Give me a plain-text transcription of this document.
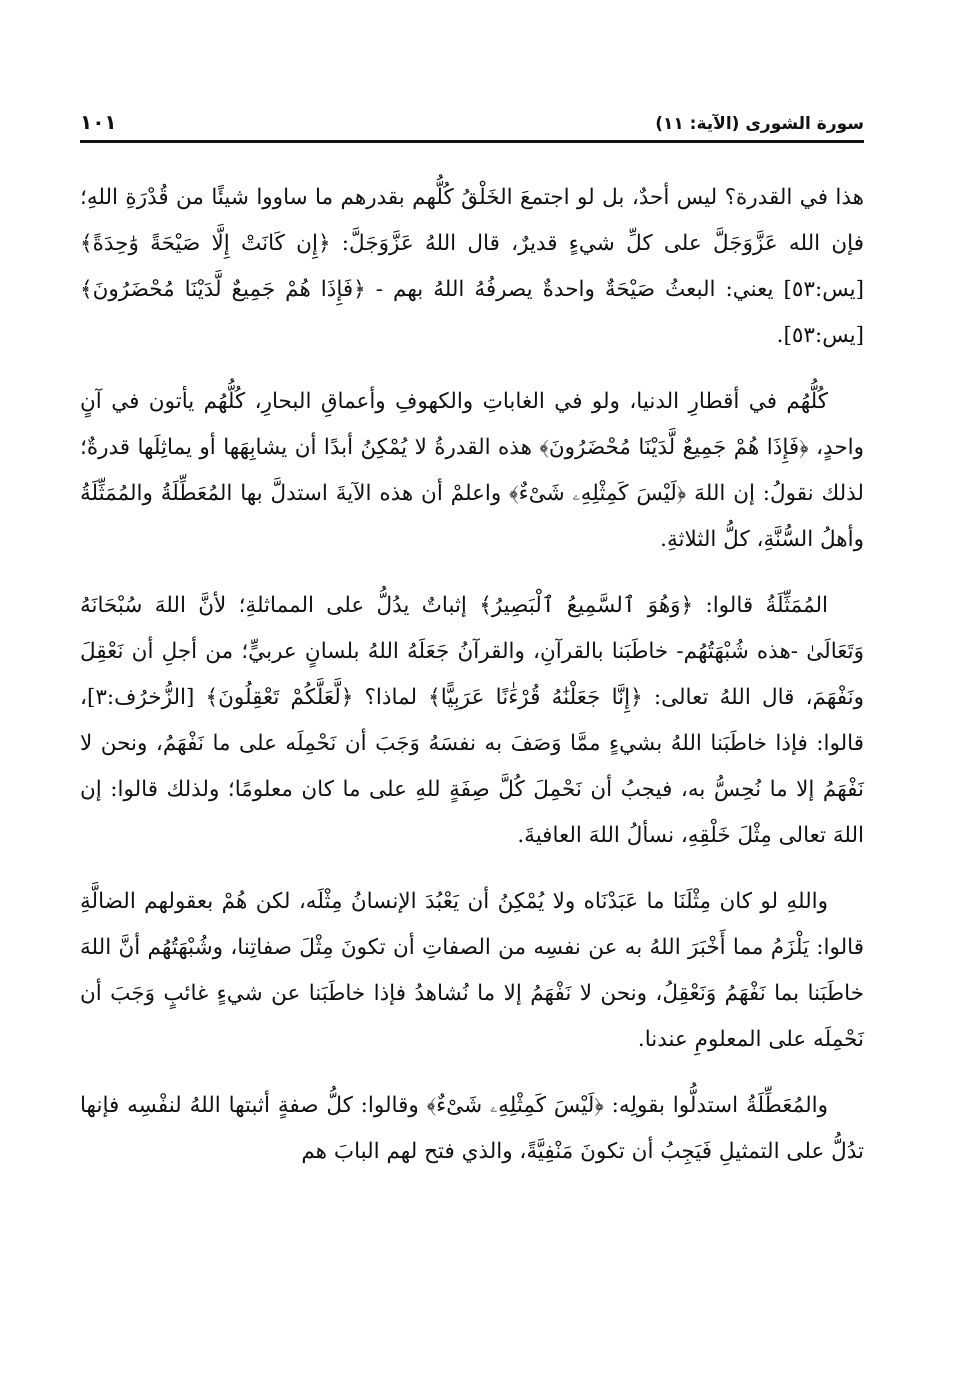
سورة الشورى (الآية: ١١)
١٠١

هذا في القدرة؟ ليس أحدٌ، بل لو اجتمعَ الخَلْقُ كُلُّهم بقدرهم ما ساووا شيئًا من قُدْرَةِ اللهِ؛ فإن الله عَزَّوَجَلَّ على كلِّ شيءٍ قديرٌ، قال اللهُ عَزَّوَجَلَّ: ﴿إِن كَانَتْ إِلَّا صَيْحَةً وَٰحِدَةً﴾ [يس:٥٣] يعني: البعثُ صَيْحَةٌ واحدةٌ يصرفُهُ اللهُ بهم - ﴿فَإِذَا هُمْ جَمِيعٌ لَّدَيْنَا مُحْضَرُونَ﴾ [يس:٥٣].

كُلُّهُم في أقطارِ الدنيا، ولو في الغاباتِ والكهوفِ وأعماقِ البحارِ، كُلُّهُم يأتون في آنٍ واحدٍ، ﴿فَإِذَا هُمْ جَمِيعٌ لَّدَيْنَا مُحْضَرُونَ﴾ هذه القدرةُ لا يُمْكِنُ أبدًا أن يشابِهَها أو يماثِلَها قدرةٌ؛ لذلك نقولُ: إن اللهَ ﴿لَيْسَ كَمِثْلِهِۦ شَىْءٌ﴾ واعلمْ أن هذه الآيةَ استدلَّ بها المُعَطِّلَةُ والمُمَثِّلَةُ وأهلُ السُّنَّةِ، كلُّ الثلاثةِ.

المُمَثِّلَةُ قالوا: ﴿وَهُوَ ٱلسَّمِيعُ ٱلْبَصِيرُ﴾ إثباتٌ يدُلُّ على المماثلةِ؛ لأنَّ اللهَ سُبْحَانَهُ وَتَعَالَىٰ -هذه شُبْهَتُهُم- خاطَبَنا بالقرآنِ، والقرآنُ جَعَلَهُ اللهُ بلسانٍ عربيٍّ؛ من أجلِ أن نَعْقِلَ ونَفْهَمَ، قال اللهُ تعالى: ﴿إِنَّا جَعَلْنَٰهُ قُرْءَٰنًا عَرَبِيًّا﴾ لماذا؟ ﴿لَّعَلَّكُمْ تَعْقِلُونَ﴾ [الزُّخرُف:٣]، قالوا: فإذا خاطَبَنا اللهُ بشيءٍ ممَّا وَصَفَ به نفسَهُ وَجَبَ أن نَحْمِلَه على ما نَفْهَمُ، ونحن لا نَفْهَمُ إلا ما نُحِسُّ به، فيجبُ أن نَحْمِلَ كُلَّ صِفَةٍ للهِ على ما كان معلومًا؛ ولذلك قالوا: إن اللهَ تعالى مِثْلَ خَلْقِهِ، نسألُ اللهَ العافيةَ.

واللهِ لو كان مِثْلَنَا ما عَبَدْنَاه ولا يُمْكِنُ أن يَعْبُدَ الإنسانُ مِثْلَه، لكن هُمْ بعقولهم الضالَّةِ قالوا: يَلْزَمُ مما أَخْبَرَ اللهُ به عن نفسِه من الصفاتِ أن تكونَ مِثْلَ صفاتِنا، وشُبْهَتُهُم أنَّ اللهَ خاطَبَنا بما نَفْهَمُ وَنَعْقِلُ، ونحن لا نَفْهَمُ إلا ما نُشاهدُ فإذا خاطَبَنا عن شيءٍ غائبٍ وَجَبَ أن نَحْمِلَه على المعلومِ عندنا.

والمُعَطِّلَةُ استدلُّوا بقولِه: ﴿لَيْسَ كَمِثْلِهِۦ شَىْءٌ﴾ وقالوا: كلُّ صفةٍ أثبتها اللهُ لنفْسِه فإنها تدُلُّ على التمثيلِ فَيَجِبُ أن تكونَ مَنْفِيَّةً، والذي فتح لهم البابَ هم
